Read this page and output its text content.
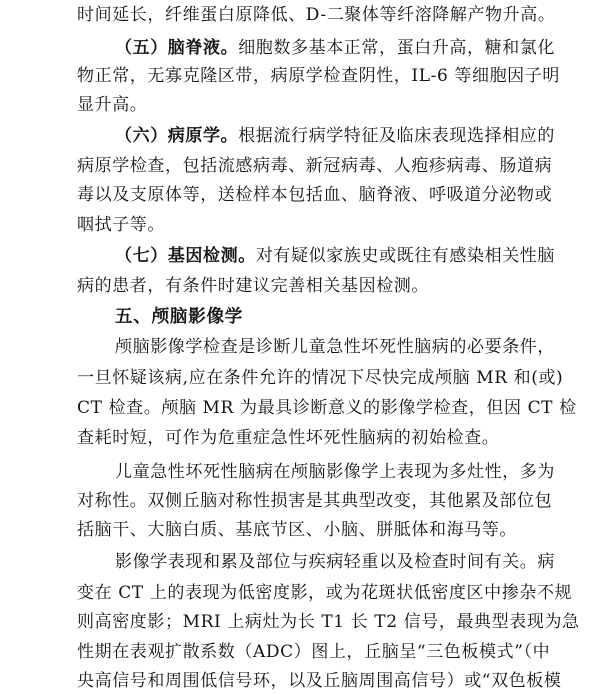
时间延长，纤维蛋白原降低、D-二聚体等纤溶降解产物升高。
（五）脑脊液。细胞数多基本正常，蛋白升高，糖和氯化
物正常，无寡克隆区带，病原学检查阴性，IL-6 等细胞因子明
显升高。
（六）病原学。根据流行病学特征及临床表现选择相应的
病原学检查，包括流感病毒、新冠病毒、人疱疹病毒、肠道病
毒以及支原体等，送检样本包括血、脑脊液、呼吸道分泌物或
咽拭子等。
（七）基因检测。对有疑似家族史或既往有感染相关性脑
病的患者，有条件时建议完善相关基因检测。
五、颅脑影像学
颅脑影像学检查是诊断儿童急性坏死性脑病的必要条件，
一旦怀疑该病,应在条件允许的情况下尽快完成颅脑 MR 和(或)
CT 检查。颅脑 MR 为最具诊断意义的影像学检查，但因 CT 检
查耗时短，可作为危重症急性坏死性脑病的初始检查。
儿童急性坏死性脑病在颅脑影像学上表现为多灶性，多为
对称性。双侧丘脑对称性损害是其典型改变，其他累及部位包
括脑干、大脑白质、基底节区、小脑、胼胝体和海马等。
影像学表现和累及部位与疾病轻重以及检查时间有关。病
变在 CT 上的表现为低密度影，或为花斑状低密度区中掺杂不规
则高密度影；MRI 上病灶为长 T1 长 T2 信号，最典型表现为急
性期在表观扩散系数（ADC）图上，丘脑呈“三色板模式”（中
央高信号和周围低信号环，以及丘脑周围高信号）或“双色板模
